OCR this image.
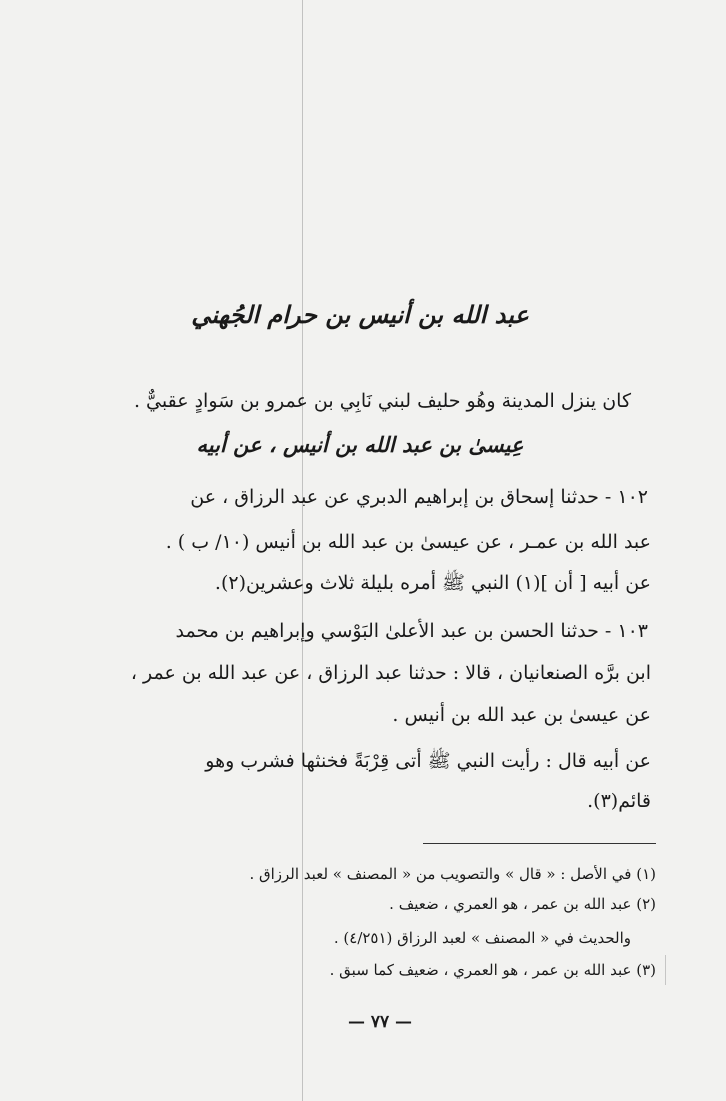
عبد الله بن أنيس بن حرام الجُهني
كان ينزل المدينة وهُو حليف لبني نَابِي بن عمرو بن سَوادٍ عقبيٌّ .
عِيسىٰ بن عبد الله بن أنيس ، عن أبيه
١٠٢ - حدثنا إسحاق بن إبراهيم الدبري عن عبد الرزاق ، عن
عبد الله بن عمـر ، عن عيسىٰ بن عبد الله بن أنيس (١٠/ ب ) .
عن أبيه [ أن ](١) النبي ﷺ أمره بليلة ثلاث وعشرين(٢).
١٠٣ - حدثنا الحسن بن عبد الأعلىٰ البَوْسي وإبراهيم بن محمد
ابن برَّه الصنعانيان ، قالا : حدثنا عبد الرزاق ، عن عبد الله بن عمر ،
عن عيسىٰ بن عبد الله بن أنيس .
عن أبيه قال : رأيت النبي ﷺ أتى قِرْبَةً فخنثها فشرب وهو
قائم(٣).
(١) في الأصل : « قال » والتصويب من « المصنف » لعبد الرزاق .
(٢) عبد الله بن عمر ، هو العمري ، ضعيف .
والحديث في « المصنف » لعبد الرزاق (٤/٢٥١) .
(٣) عبد الله بن عمر ، هو العمري ، ضعيف كما سبق .
— ٧٧ —
